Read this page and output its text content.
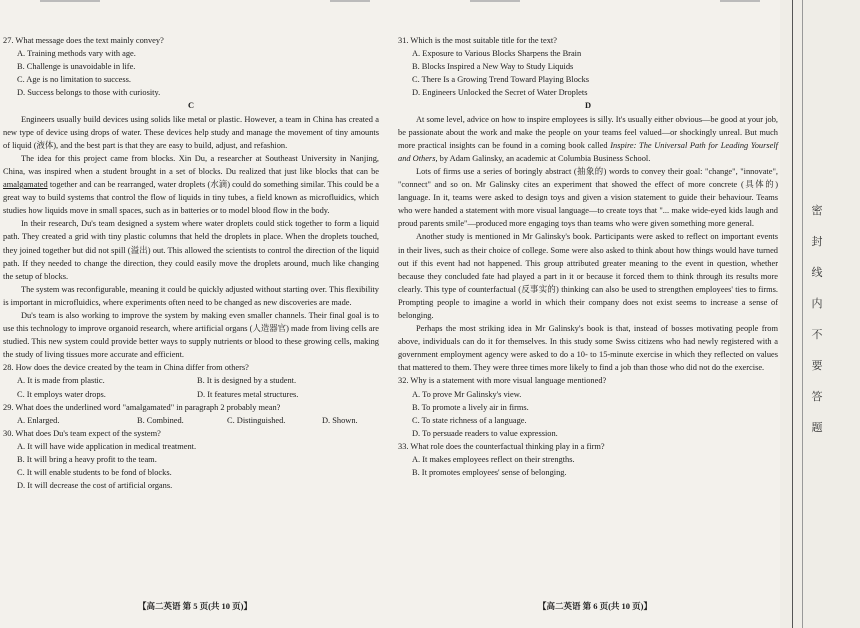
27. What message does the text mainly convey?

A. Training methods vary with age.

B. Challenge is unavoidable in life.

C. Age is no limitation to success.

D. Success belongs to those with curiosity.

C

Engineers usually build devices using solids like metal or plastic. However, a team in China has created a new type of device using drops of water. These devices help study and manage the movement of tiny amounts of liquid (液体), and the best part is that they are easy to build, adjust, and refashion.

The idea for this project came from blocks. Xin Du, a researcher at Southeast University in Nanjing, China, was inspired when a student brought in a set of blocks. Du realized that just like blocks that can be amalgamated together and can be rearranged, water droplets (水滴) could do something similar. This could be a great way to build systems that control the flow of liquids in tiny tubes, a field known as microfluidics, which studies how liquids move in small spaces, such as in batteries or to model blood flow in the body.

In their research, Du's team designed a system where water droplets could stick together to form a liquid path. They created a grid with tiny plastic columns that held the droplets in place. When the droplets touched, they joined together but did not spill (溢出) out. This allowed the scientists to control the direction of the liquid path. If they needed to change the direction, they could easily move the droplets around, much like changing the setup of blocks.

The system was reconfigurable, meaning it could be quickly adjusted without starting over. This flexibility is important in microfluidics, where experiments often need to be changed as new discoveries are made.

Du's team is also working to improve the system by making even smaller channels. Their final goal is to use this technology to improve organoid research, where artificial organs (人造器官) made from living cells are studied. This new system could provide better ways to supply nutrients or blood to these growing cells, making the study of living tissues more accurate and efficient.

28. How does the device created by the team in China differ from others?

A. It is made from plastic.	B. It is designed by a student.
C. It employs water drops.	D. It features metal structures.

29. What does the underlined word "amalgamated" in paragraph 2 probably mean?

A. Enlarged.	B. Combined.	C. Distinguished.	D. Shown.

30. What does Du's team expect of the system?

A. It will have wide application in medical treatment.

B. It will bring a heavy profit to the team.

C. It will enable students to be fond of blocks.

D. It will decrease the cost of artificial organs.

【高二英语 第 5 页(共 10 页)】

31. Which is the most suitable title for the text?

A. Exposure to Various Blocks Sharpens the Brain

B. Blocks Inspired a New Way to Study Liquids

C. There Is a Growing Trend Toward Playing Blocks

D. Engineers Unlocked the Secret of Water Droplets

D

At some level, advice on how to inspire employees is silly. It's usually either obvious—be good at your job, be passionate about the work and make the people on your teams feel valued—or shockingly unreal. But much more practical insights can be found in a coming book called Inspire: The Universal Path for Leading Yourself and Others, by Adam Galinsky, an academic at Columbia Business School.

Lots of firms use a series of boringly abstract (抽象的) words to convey their goal: "change", "innovate", "connect" and so on. Mr Galinsky cites an experiment that showed the effect of more concrete (具体的) language. In it, teams were asked to design toys and given a vision statement to guide their behaviour. Teams who were handed a statement with more visual language—to create toys that "... make wide-eyed kids laugh and proud parents smile"—produced more engaging toys than teams who were given something more general.

Another study is mentioned in Mr Galinsky's book. Participants were asked to reflect on important events in their lives, such as their choice of college. Some were also asked to think about how things would have turned out if this event had not happened. This group attributed greater meaning to the event in question, whether because they concluded fate had played a part in it or because it forced them to think through its results more clearly. This type of counterfactual (反事实的) thinking can also be used to strengthen employees' ties to firms. Prompting people to imagine a world in which their company does not exist seems to increase a sense of belonging.

Perhaps the most striking idea in Mr Galinsky's book is that, instead of bosses motivating people from above, individuals can do it for themselves. In this study some Swiss citizens who had newly registered with a government employment agency were asked to do a 10- to 15-minute exercise in which they reflected on values that mattered to them. They were three times more likely to find a job than those who did not do the exercise.

32. Why is a statement with more visual language mentioned?

A. To prove Mr Galinsky's view.

B. To promote a lively air in firms.

C. To state richness of a language.

D. To persuade readers to value expression.

33. What role does the counterfactual thinking play in a firm?

A. It makes employees reflect on their strengths.

B. It promotes employees' sense of belonging.

【高二英语 第 6 页(共 10 页)】
密
封
线
内
不
要
答
题
